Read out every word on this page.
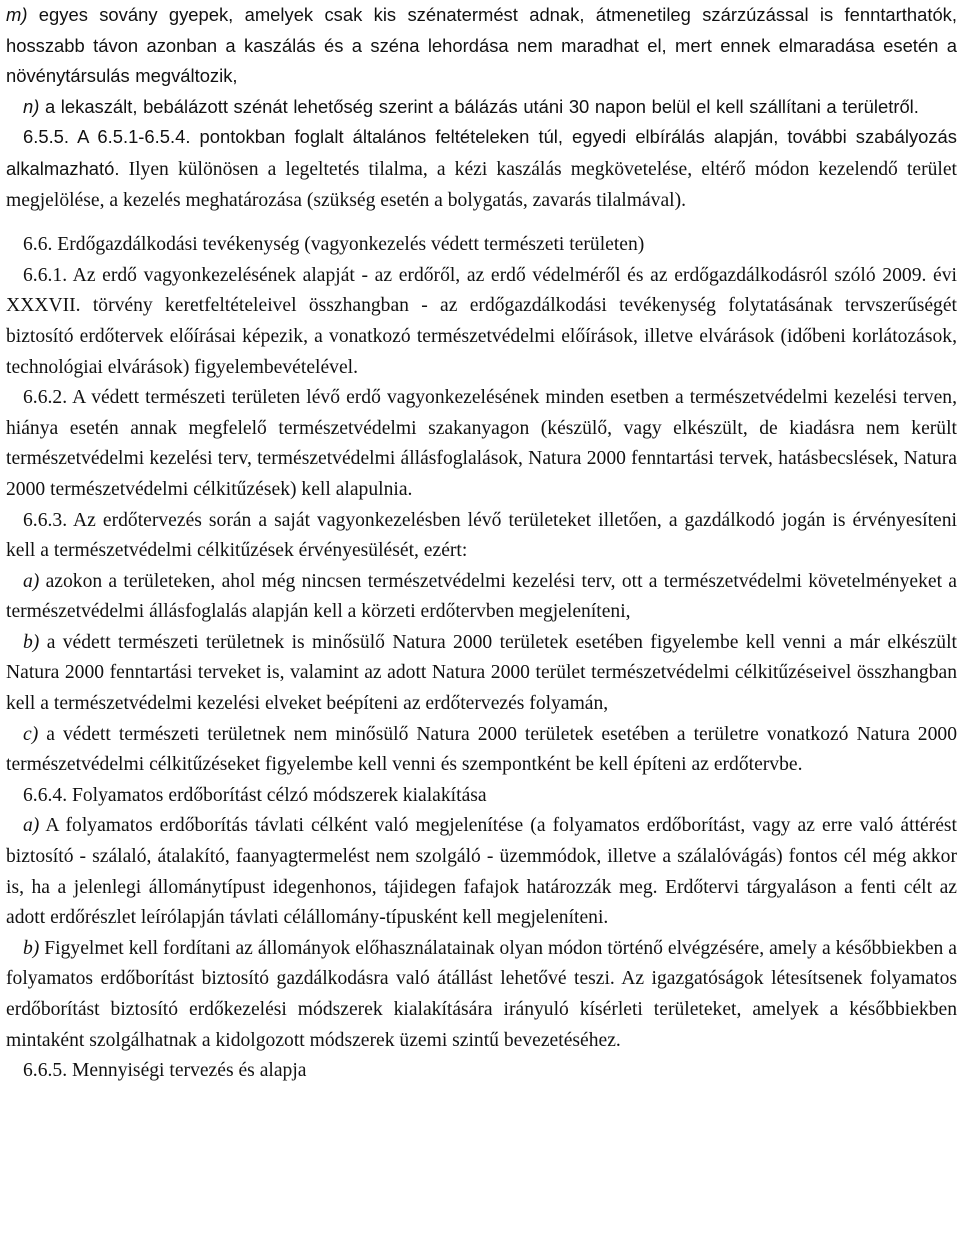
m) egyes sovány gyepek, amelyek csak kis szénatermést adnak, átmenetileg szárzúzással is fenntarthatók, hosszabb távon azonban a kaszálás és a széna lehordása nem maradhat el, mert ennek elmaradása esetén a növénytársulás megváltozik,

n) a lekaszált, bebálázott szénát lehetőség szerint a bálázás utáni 30 napon belül el kell szállítani a területről.

6.5.5. A 6.5.1-6.5.4. pontokban foglalt általános feltételeken túl, egyedi elbírálás alapján, további szabályozás alkalmazható. Ilyen különösen a legeltetés tilalma, a kézi kaszálás megkövetelése, eltérő módon kezelendő terület megjelölése, a kezelés meghatározása (szükség esetén a bolygatás, zavarás tilalmával).

6.6. Erdőgazdálkodási tevékenység (vagyonkezelés védett természeti területen)

6.6.1. Az erdő vagyonkezelésének alapját - az erdőről, az erdő védelméről és az erdőgazdálkodásról szóló 2009. évi XXXVII. törvény keretfeltételeivel összhangban - az erdőgazdálkodási tevékenység folytatásának tervszerűségét biztosító erdőtervek előírásai képezik, a vonatkozó természetvédelmi előírások, illetve elvárások (időbeni korlátozások, technológiai elvárások) figyelembevételével.

6.6.2. A védett természeti területen lévő erdő vagyonkezelésének minden esetben a természetvédelmi kezelési terven, hiánya esetén annak megfelelő természetvédelmi szakanyagon (készülő, vagy elkészült, de kiadásra nem került természetvédelmi kezelési terv, természetvédelmi állásfoglalások, Natura 2000 fenntartási tervek, hatásbecslések, Natura 2000 természetvédelmi célkitűzések) kell alapulnia.

6.6.3. Az erdőtervezés során a saját vagyonkezelésben lévő területeket illetően, a gazdálkodó jogán is érvényesíteni kell a természetvédelmi célkitűzések érvényesülését, ezért:

a) azokon a területeken, ahol még nincsen természetvédelmi kezelési terv, ott a természetvédelmi követelményeket a természetvédelmi állásfoglalás alapján kell a körzeti erdőtervben megjeleníteni,

b) a védett természeti területnek is minősülő Natura 2000 területek esetében figyelembe kell venni a már elkészült Natura 2000 fenntartási terveket is, valamint az adott Natura 2000 terület természetvédelmi célkitűzéseivel összhangban kell a természetvédelmi kezelési elveket beépíteni az erdőtervezés folyamán,

c) a védett természeti területnek nem minősülő Natura 2000 területek esetében a területre vonatkozó Natura 2000 természetvédelmi célkitűzéseket figyelembe kell venni és szempontként be kell építeni az erdőtervbe.

6.6.4. Folyamatos erdőborítást célzó módszerek kialakítása

a) A folyamatos erdőborítás távlati célként való megjelenítése (a folyamatos erdőborítást, vagy az erre való áttérést biztosító - szálaló, átalakító, faanyagtermelést nem szolgáló - üzemmódok, illetve a szálalóvágás) fontos cél még akkor is, ha a jelenlegi állománytípust idegenhonos, tájidegen fafajok határozzák meg. Erdőtervi tárgyaláson a fenti célt az adott erdőrészlet leírólapján távlati célállomány-típusként kell megjeleníteni.

b) Figyelmet kell fordítani az állományok előhasználatainak olyan módon történő elvégzésére, amely a későbbiekben a folyamatos erdőborítást biztosító gazdálkodásra való átállást lehetővé teszi. Az igazgatóságok létesítsenek folyamatos erdőborítást biztosító erdőkezelési módszerek kialakítására irányuló kísérleti területeket, amelyek a későbbiekben mintaként szolgálhatnak a kidolgozott módszerek üzemi szintű bevezetéséhez.

6.6.5. Mennyiségi tervezés és alapja
